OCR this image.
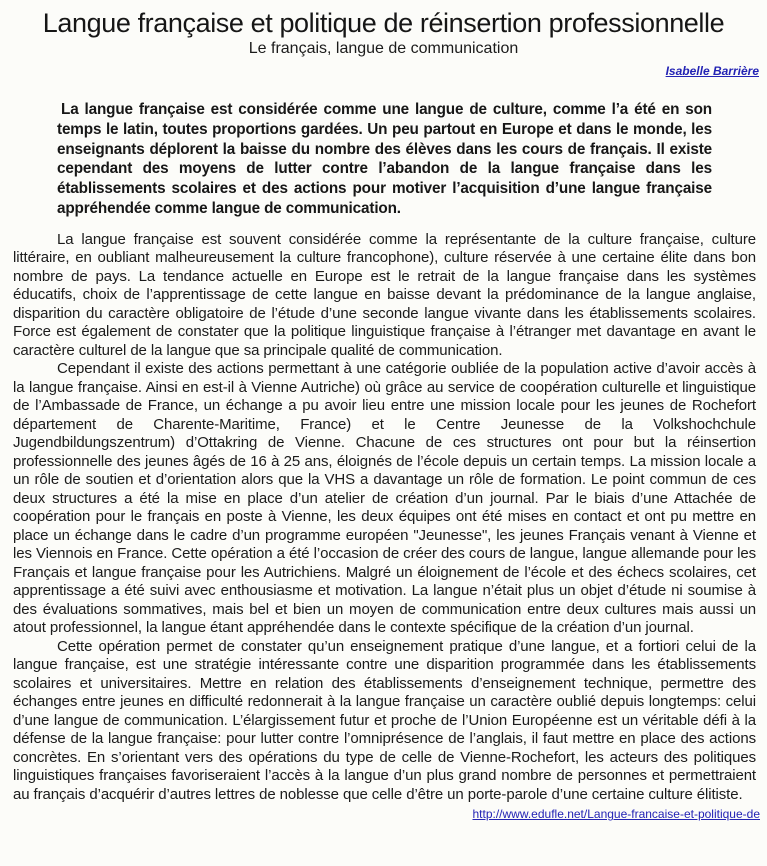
Langue française et politique de réinsertion professionnelle
Le français, langue de communication
Isabelle Barrière
La langue française est considérée comme une langue de culture, comme l’a été en son temps le latin, toutes proportions gardées. Un peu partout en Europe et dans le monde, les enseignants déplorent la baisse du nombre des élèves dans les cours de français. Il existe cependant des moyens de lutter contre l’abandon de la langue française dans les établissements scolaires et des actions pour motiver l’acquisition d’une langue française appréhendée comme langue de communication.

La langue française est souvent considérée comme la représentante de la culture française, culture littéraire, en oubliant malheureusement la culture francophone), culture réservée à une certaine élite dans bon nombre de pays. La tendance actuelle en Europe est le retrait de la langue française dans les systèmes éducatifs, choix de l’apprentissage de cette langue en baisse devant la prédominance de la langue anglaise, disparition du caractère obligatoire de l’étude d’une seconde langue vivante dans les établissements scolaires. Force est également de constater que la politique linguistique française à l’étranger met davantage en avant le caractère culturel de la langue que sa principale qualité de communication.

Cependant il existe des actions permettant à une catégorie oubliée de la population active d’avoir accès à la langue française. Ainsi en est-il à Vienne Autriche) où grâce au service de coopération culturelle et linguistique de l’Ambassade de France, un échange a pu avoir lieu entre une mission locale pour les jeunes de Rochefort département de Charente-Maritime, France) et le Centre Jeunesse de la Volkshochchule Jugendbildungszentrum) d’Ottakring de Vienne. Chacune de ces structures ont pour but la réinsertion professionnelle des jeunes âgés de 16 à 25 ans, éloignés de l’école depuis un certain temps. La mission locale a un rôle de soutien et d’orientation alors que la VHS a davantage un rôle de formation. Le point commun de ces deux structures a été la mise en place d’un atelier de création d’un journal. Par le biais d’une Attachée de coopération pour le français en poste à Vienne, les deux équipes ont été mises en contact et ont pu mettre en place un échange dans le cadre d’un programme européen "Jeunesse", les jeunes Français venant à Vienne et les Viennois en France. Cette opération a été l’occasion de créer des cours de langue, langue allemande pour les Français et langue française pour les Autrichiens. Malgré un éloignement de l’école et des échecs scolaires, cet apprentissage a été suivi avec enthousiasme et motivation. La langue n’était plus un objet d’étude ni soumise à des évaluations sommatives, mais bel et bien un moyen de communication entre deux cultures mais aussi un atout professionnel, la langue étant appréhendée dans le contexte spécifique de la création d’un journal.

Cette opération permet de constater qu’un enseignement pratique d’une langue, et a fortiori celui de la langue française, est une stratégie intéressante contre une disparition programmée dans les établissements scolaires et universitaires. Mettre en relation des établissements d’enseignement technique, permettre des échanges entre jeunes en difficulté redonnerait à la langue française un caractère oublié depuis longtemps: celui d’une langue de communication. L’élargissement futur et proche de l’Union Européenne est un véritable défi à la défense de la langue française: pour lutter contre l’omniprésence de l’anglais, il faut mettre en place des actions concrètes. En s’orientant vers des opérations du type de celle de Vienne-Rochefort, les acteurs des politiques linguistiques françaises favoriseraient l’accès à la langue d’un plus grand nombre de personnes et permettraient au français d’acquérir d’autres lettres de noblesse que celle d’être un porte-parole d’une certaine culture élitiste.

http://www.edufle.net/Langue-francaise-et-politique-de
